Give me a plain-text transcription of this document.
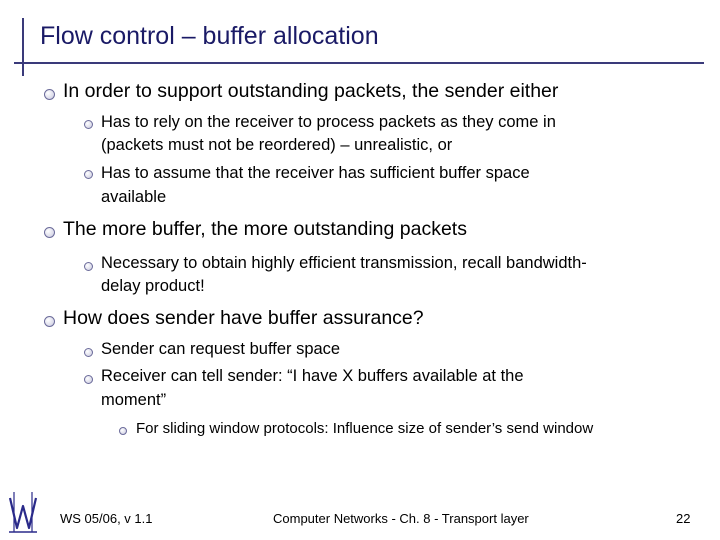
Flow control – buffer allocation
In order to support outstanding packets, the sender either
Has to rely on the receiver to process packets as they come in
(packets must not be reordered) – unrealistic, or
Has to assume that the receiver has sufficient buffer space
available
The more buffer, the more outstanding packets
Necessary to obtain highly efficient transmission, recall bandwidth-
delay product!
How does sender have buffer assurance?
Sender can request buffer space
Receiver can tell sender: “I have X buffers available at the
moment”
For sliding window protocols: Influence size of sender’s send window
WS 05/06, v 1.1	Computer Networks - Ch. 8 - Transport layer	22
